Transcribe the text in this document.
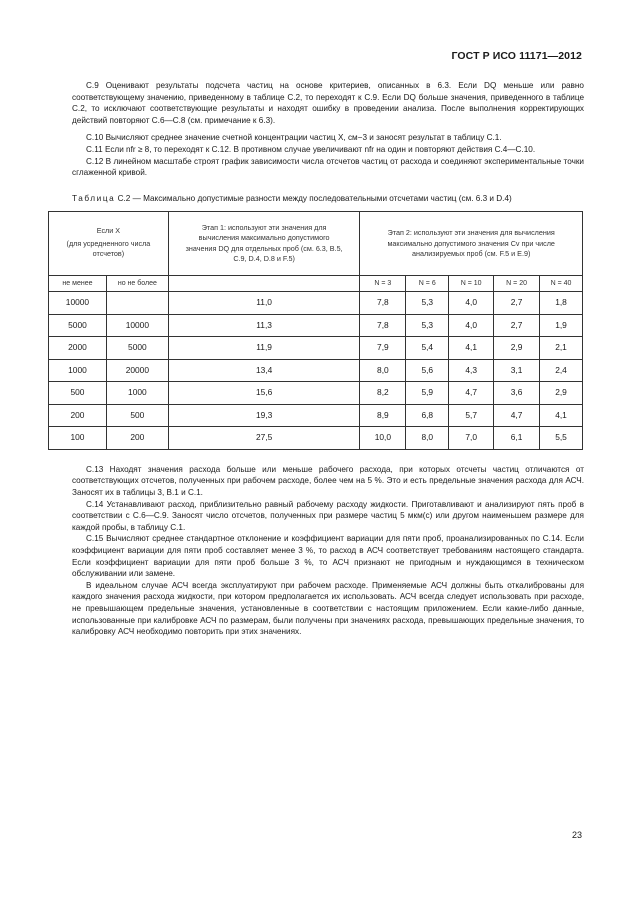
ГОСТ Р ИСО 11171—2012

С.9 Оценивают результаты подсчета частиц на основе критериев, описанных в 6.3. Если DQ меньше или равно соответствующему значению, приведенному в таблице С.2, то переходят к С.9. Если DQ больше значения, приведенного в таблице С.2, то исключают соответствующие результаты и находят ошибку в проведении анализа. После выполнения корректирующих действий повторяют С.6—С.8 (см. примечание к 6.3).

С.10 Вычисляют среднее значение счетной концентрации частиц X, см−3 и заносят результат в таблицу С.1.

С.11 Если nfr ≥ 8, то переходят к С.12. В противном случае увеличивают nfr на один и повторяют действия С.4—С.10.

С.12 В линейном масштабе строят график зависимости числа отсчетов частиц от расхода и соединяют экспериментальные точки сглаженной кривой.

Таблица С.2 — Максимально допустимые разности между последовательными отсчетами частиц (см. 6.3 и D.4)
Если X
(для усредненного числа отсчетов)		Этап 1: используют эти значения для вычисления максимально допустимого значения DQ для отдельных проб (см. 6.3, В.5, С.9, D.4, D.8 и F.5)	Этап 2: используют эти значения для вычисления максимально допустимого значения Cv при числе анализируемых проб (см. F.5 и Е.9)				

не менее	но не более		N = 3	N = 6	N = 10	N = 20	N = 40
10000		11,0	7,8	5,3	4,0	2,7	1,8
5000	10000	11,3	7,8	5,3	4,0	2,7	1,9
2000	5000	11,9	7,9	5,4	4,1	2,9	2,1
1000	20000	13,4	8,0	5,6	4,3	3,1	2,4
500	1000	15,6	8,2	5,9	4,7	3,6	2,9
200	500	19,3	8,9	6,8	5,7	4,7	4,1
100	200	27,5	10,0	8,0	7,0	6,1	5,5

С.13 Находят значения расхода больше или меньше рабочего расхода, при которых отсчеты частиц отличаются от соответствующих отсчетов, полученных при рабочем расходе, более чем на 5 %. Это и есть предельные значения расхода для АСЧ. Заносят их в таблицы 3, В.1 и С.1.

С.14 Устанавливают расход, приблизительно равный рабочему расходу жидкости. Приготавливают и анализируют пять проб в соответствии с С.6—С.9. Заносят число отсчетов, полученных при размере частиц 5 мкм(с) или другом наименьшем размере для каждой пробы, в таблицу С.1.

С.15 Вычисляют среднее стандартное отклонение и коэффициент вариации для пяти проб, проанализированных по С.14. Если коэффициент вариации для пяти проб составляет менее 3 %, то расход в АСЧ соответствует требованиям настоящего стандарта. Если коэффициент вариации для пяти проб больше 3 %, то АСЧ признают не пригодным и нуждающимся в техническом обслуживании или замене.

В идеальном случае АСЧ всегда эксплуатируют при рабочем расходе. Применяемые АСЧ должны быть откалиброваны для каждого значения расхода жидкости, при котором предполагается их использовать. АСЧ всегда следует использовать при расходе, не превышающем предельные значения, установленные в соответствии с настоящим приложением. Если какие-либо данные, использованные при калибровке АСЧ по размерам, были получены при значениях расхода, превышающих предельные значения, то калибровку АСЧ необходимо повторить при этих значениях.

23
